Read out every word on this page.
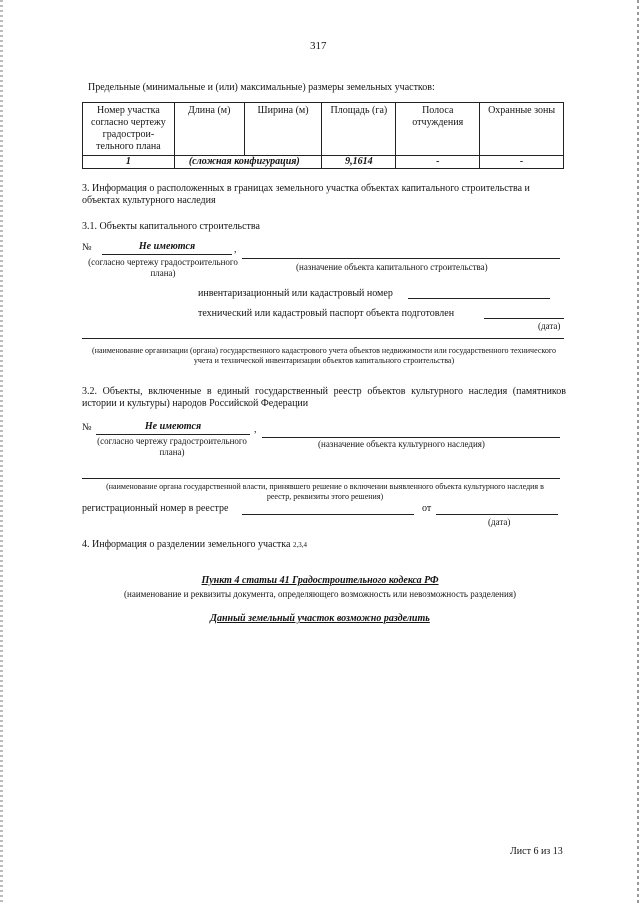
317
Предельные (минимальные и (или) максимальные) размеры земельных участков:
Номер участка согласно чертежу градострои-тельного плана	Длина (м)	Ширина (м)	Площадь (га)	Полоса отчуждения	Охранные зоны
1	(сложная конфигурация)		9,1614	-	-
3. Информация о расположенных в границах земельного участка объектах капитального строительства и объектах культурного наследия
3.1. Объекты капитального строительства
№	Не имеются	,
(согласно чертежу градостроительного плана)
(назначение объекта капитального строительства)
инвентаризационный или кадастровый номер
технический или кадастровый паспорт объекта подготовлен
(дата)
(наименование организации (органа) государственного кадастрового учета объектов недвижимости или государственного технического учета и технической инвентаризации объектов капитального строительства)
3.2. Объекты, включенные в единый государственный реестр объектов культурного наследия (памятников истории и культуры) народов Российской Федерации
№	Не имеются	,
(согласно чертежу градостроительного плана)
(назначение объекта культурного наследия)
(наименование органа государственной власти, принявшего решение о включении выявленного объекта культурного наследия в реестр, реквизиты этого решения)
регистрационный номер в реестре	от
(дата)
4. Информация о разделении земельного участка $^{2,3,4}$
Пункт 4 статьи 41 Градостроительного кодекса РФ
(наименование и реквизиты документа, определяющего возможность или невозможность разделения)
Данный земельный участок возможно разделить
Лист 6 из 13
